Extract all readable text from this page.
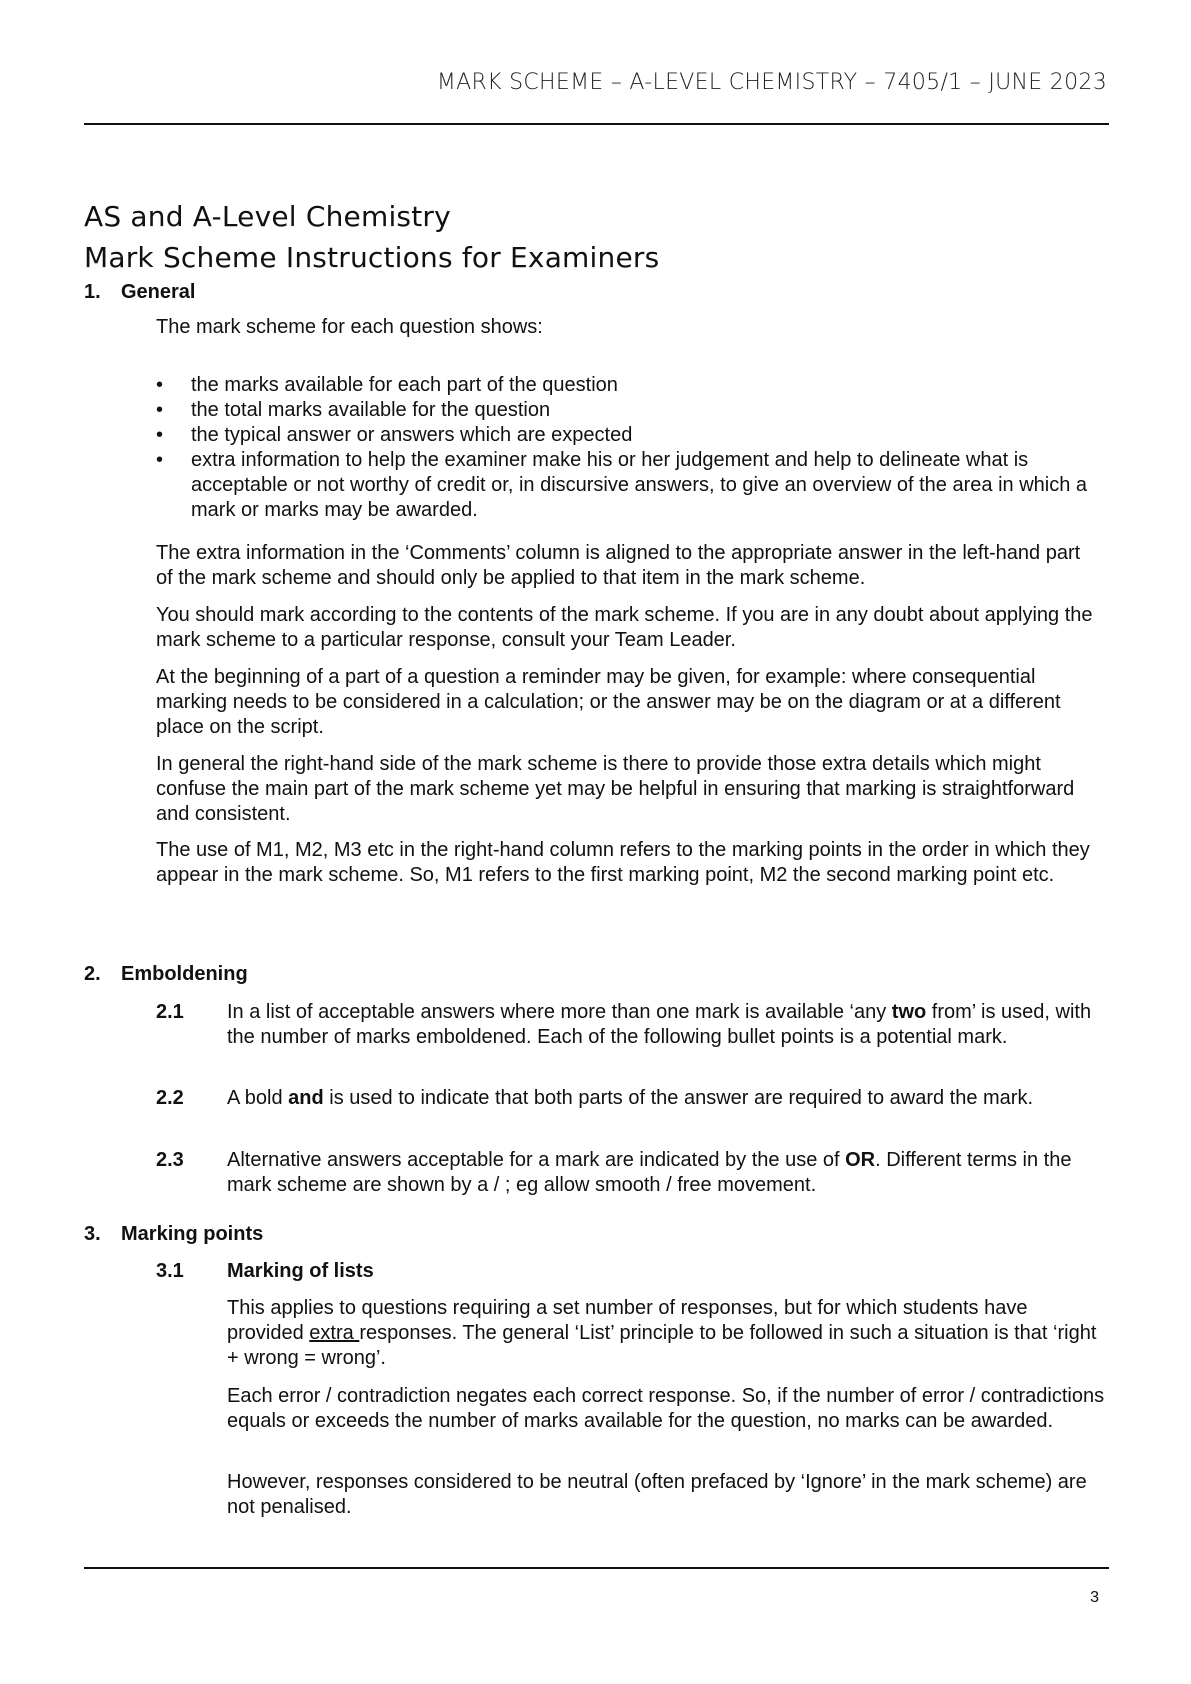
MARK SCHEME – A-LEVEL CHEMISTRY – 7405/1 – JUNE 2023
AS and A-Level Chemistry
Mark Scheme Instructions for Examiners
1. General
The mark scheme for each question shows:
• the marks available for each part of the question
• the total marks available for the question
• the typical answer or answers which are expected
• extra information to help the examiner make his or her judgement and help to delineate what is acceptable or not worthy of credit or, in discursive answers, to give an overview of the area in which a mark or marks may be awarded.
The extra information in the ‘Comments’ column is aligned to the appropriate answer in the left-hand part of the mark scheme and should only be applied to that item in the mark scheme.
You should mark according to the contents of the mark scheme. If you are in any doubt about applying the mark scheme to a particular response, consult your Team Leader.
At the beginning of a part of a question a reminder may be given, for example: where consequential marking needs to be considered in a calculation; or the answer may be on the diagram or at a different place on the script.
In general the right-hand side of the mark scheme is there to provide those extra details which might confuse the main part of the mark scheme yet may be helpful in ensuring that marking is straightforward and consistent.
The use of M1, M2, M3 etc in the right-hand column refers to the marking points in the order in which they appear in the mark scheme. So, M1 refers to the first marking point, M2 the second marking point etc.
2. Emboldening
2.1 In a list of acceptable answers where more than one mark is available ‘any two from’ is used, with the number of marks emboldened. Each of the following bullet points is a potential mark.
2.2 A bold and is used to indicate that both parts of the answer are required to award the mark.
2.3 Alternative answers acceptable for a mark are indicated by the use of OR. Different terms in the mark scheme are shown by a / ; eg allow smooth / free movement.
3. Marking points
3.1 Marking of lists
This applies to questions requiring a set number of responses, but for which students have provided extra responses. The general ‘List’ principle to be followed in such a situation is that ‘right + wrong = wrong’.
Each error / contradiction negates each correct response. So, if the number of error / contradictions equals or exceeds the number of marks available for the question, no marks can be awarded.
However, responses considered to be neutral (often prefaced by ‘Ignore’ in the mark scheme) are not penalised.
3
